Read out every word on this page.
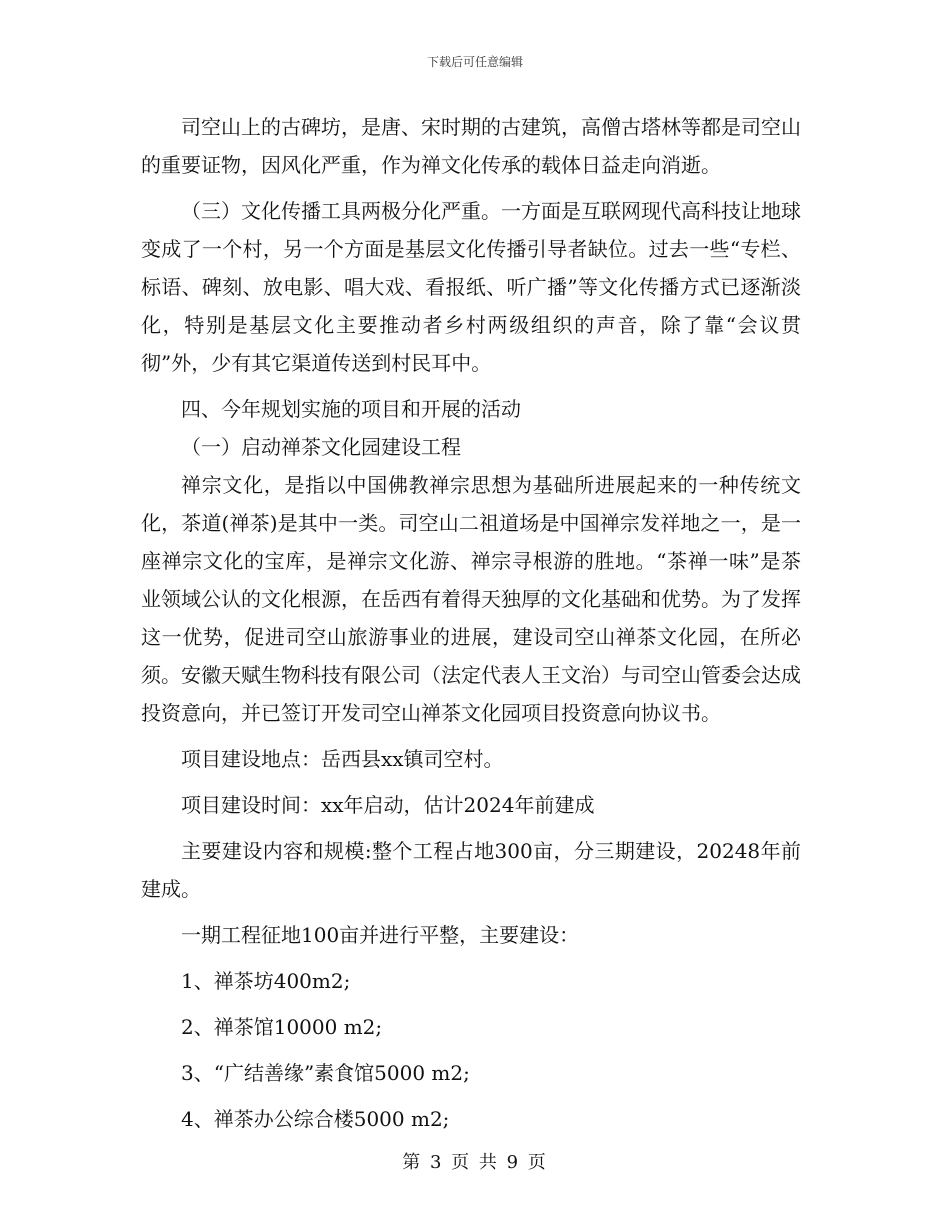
下载后可任意编辑

司空山上的古碑坊，是唐、宋时期的古建筑，高僧古塔林等都是司空山的重要证物，因风化严重，作为禅文化传承的载体日益走向消逝。

（三）文化传播工具两极分化严重。一方面是互联网现代高科技让地球变成了一个村，另一个方面是基层文化传播引导者缺位。过去一些“专栏、标语、碑刻、放电影、唱大戏、看报纸、听广播”等文化传播方式已逐渐淡化，特别是基层文化主要推动者乡村两级组织的声音，除了靠“会议贯彻”外，少有其它渠道传送到村民耳中。

四、今年规划实施的项目和开展的活动

（一）启动禅茶文化园建设工程

禅宗文化，是指以中国佛教禅宗思想为基础所进展起来的一种传统文化，茶道(禅茶)是其中一类。司空山二祖道场是中国禅宗发祥地之一，是一座禅宗文化的宝库，是禅宗文化游、禅宗寻根游的胜地。“茶禅一味”是茶业领域公认的文化根源，在岳西有着得天独厚的文化基础和优势。为了发挥这一优势，促进司空山旅游事业的进展，建设司空山禅茶文化园，在所必须。安徽天赋生物科技有限公司（法定代表人王文治）与司空山管委会达成投资意向，并已签订开发司空山禅茶文化园项目投资意向协议书。

项目建设地点：岳西县xx镇司空村。

项目建设时间：xx年启动，估计2024年前建成

主要建设内容和规模:整个工程占地300亩，分三期建设，20248年前建成。

一期工程征地100亩并进行平整，主要建设：

1、禅茶坊400m2;

2、禅茶馆10000 m2;

3、“广结善缘”素食馆5000 m2;

4、禅茶办公综合楼5000 m2;

第 3 页 共 9 页
